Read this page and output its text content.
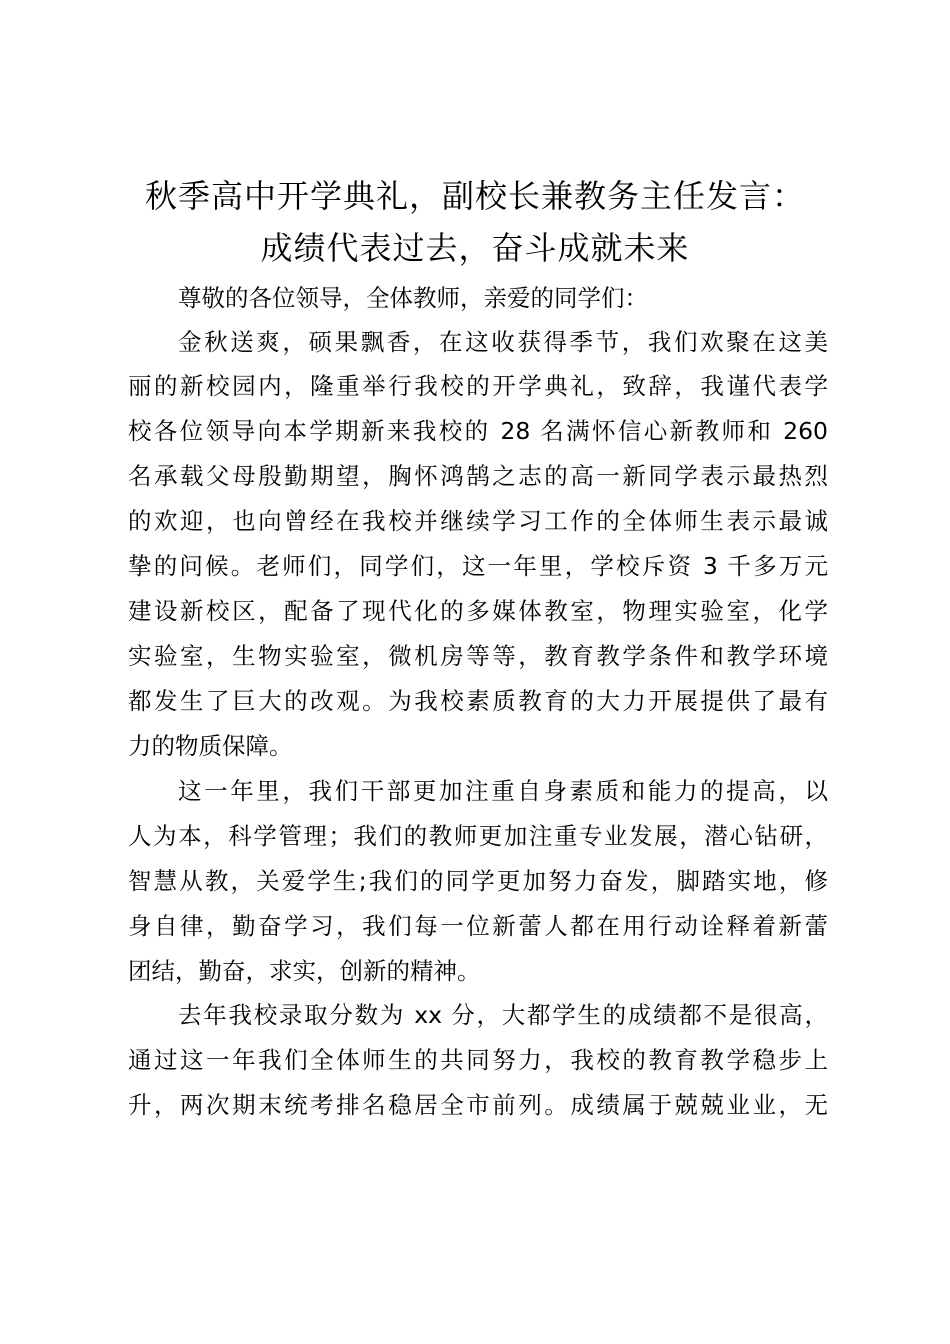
秋季高中开学典礼，副校长兼教务主任发言：
成绩代表过去，奋斗成就未来
尊敬的各位领导，全体教师，亲爱的同学们：
金秋送爽，硕果飘香，在这收获得季节，我们欢聚在这美
丽的新校园内，隆重举行我校的开学典礼，致辞，我谨代表学
校各位领导向本学期新来我校的 28 名满怀信心新教师和 260
名承载父母殷勤期望，胸怀鸿鹄之志的高一新同学表示最热烈
的欢迎，也向曾经在我校并继续学习工作的全体师生表示最诚
挚的问候。老师们，同学们，这一年里，学校斥资 3 千多万元
建设新校区，配备了现代化的多媒体教室，物理实验室，化学
实验室，生物实验室，微机房等等，教育教学条件和教学环境
都发生了巨大的改观。为我校素质教育的大力开展提供了最有
力的物质保障。
这一年里，我们干部更加注重自身素质和能力的提高，以
人为本，科学管理；我们的教师更加注重专业发展，潜心钻研，
智慧从教，关爱学生;我们的同学更加努力奋发，脚踏实地，修
身自律，勤奋学习，我们每一位新蕾人都在用行动诠释着新蕾
团结，勤奋，求实，创新的精神。
去年我校录取分数为 xx 分，大都学生的成绩都不是很高，
通过这一年我们全体师生的共同努力，我校的教育教学稳步上
升，两次期末统考排名稳居全市前列。成绩属于兢兢业业，无
